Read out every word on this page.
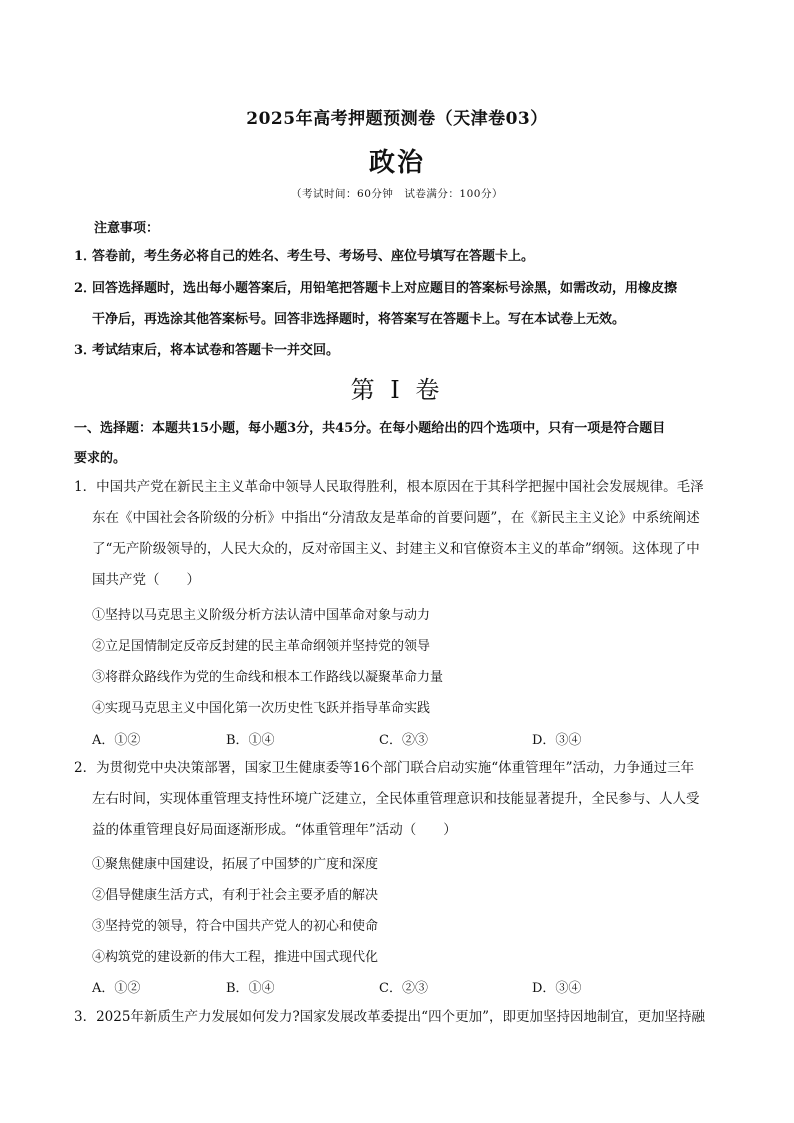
2025年高考押题预测卷（天津卷03）
政治
（考试时间：60分钟　试卷满分：100分）
注意事项：
1．答卷前，考生务必将自己的姓名、考生号、考场号、座位号填写在答题卡上。
2．回答选择题时，选出每小题答案后，用铅笔把答题卡上对应题目的答案标号涂黑，如需改动，用橡皮擦
干净后，再选涂其他答案标号。回答非选择题时，将答案写在答题卡上。写在本试卷上无效。
3．考试结束后，将本试卷和答题卡一并交回。
第 I 卷
一、选择题：本题共15小题，每小题3分，共45分。在每小题给出的四个选项中，只有一项是符合题目
要求的。
1．中国共产党在新民主主义革命中领导人民取得胜利，根本原因在于其科学把握中国社会发展规律。毛泽
东在《中国社会各阶级的分析》中指出“分清敌友是革命的首要问题”，在《新民主主义论》中系统阐述
了“无产阶级领导的，人民大众的，反对帝国主义、封建主义和官僚资本主义的革命”纲领。这体现了中
国共产党（　　）
①坚持以马克思主义阶级分析方法认清中国革命对象与动力
②立足国情制定反帝反封建的民主革命纲领并坚持党的领导
③将群众路线作为党的生命线和根本工作路线以凝聚革命力量
④实现马克思主义中国化第一次历史性飞跃并指导革命实践
A．①②	B．①④	C．②③	D．③④
2．为贯彻党中央决策部署，国家卫生健康委等16个部门联合启动实施“体重管理年”活动，力争通过三年
左右时间，实现体重管理支持性环境广泛建立，全民体重管理意识和技能显著提升，全民参与、人人受
益的体重管理良好局面逐渐形成。“体重管理年”活动（　　）
①聚焦健康中国建设，拓展了中国梦的广度和深度
②倡导健康生活方式，有利于社会主要矛盾的解决
③坚持党的领导，符合中国共产党人的初心和使命
④构筑党的建设新的伟大工程，推进中国式现代化
A．①②	B．①④	C．②③	D．③④
3．2025年新质生产力发展如何发力?国家发展改革委提出“四个更加”，即更加坚持因地制宜，更加坚持融
